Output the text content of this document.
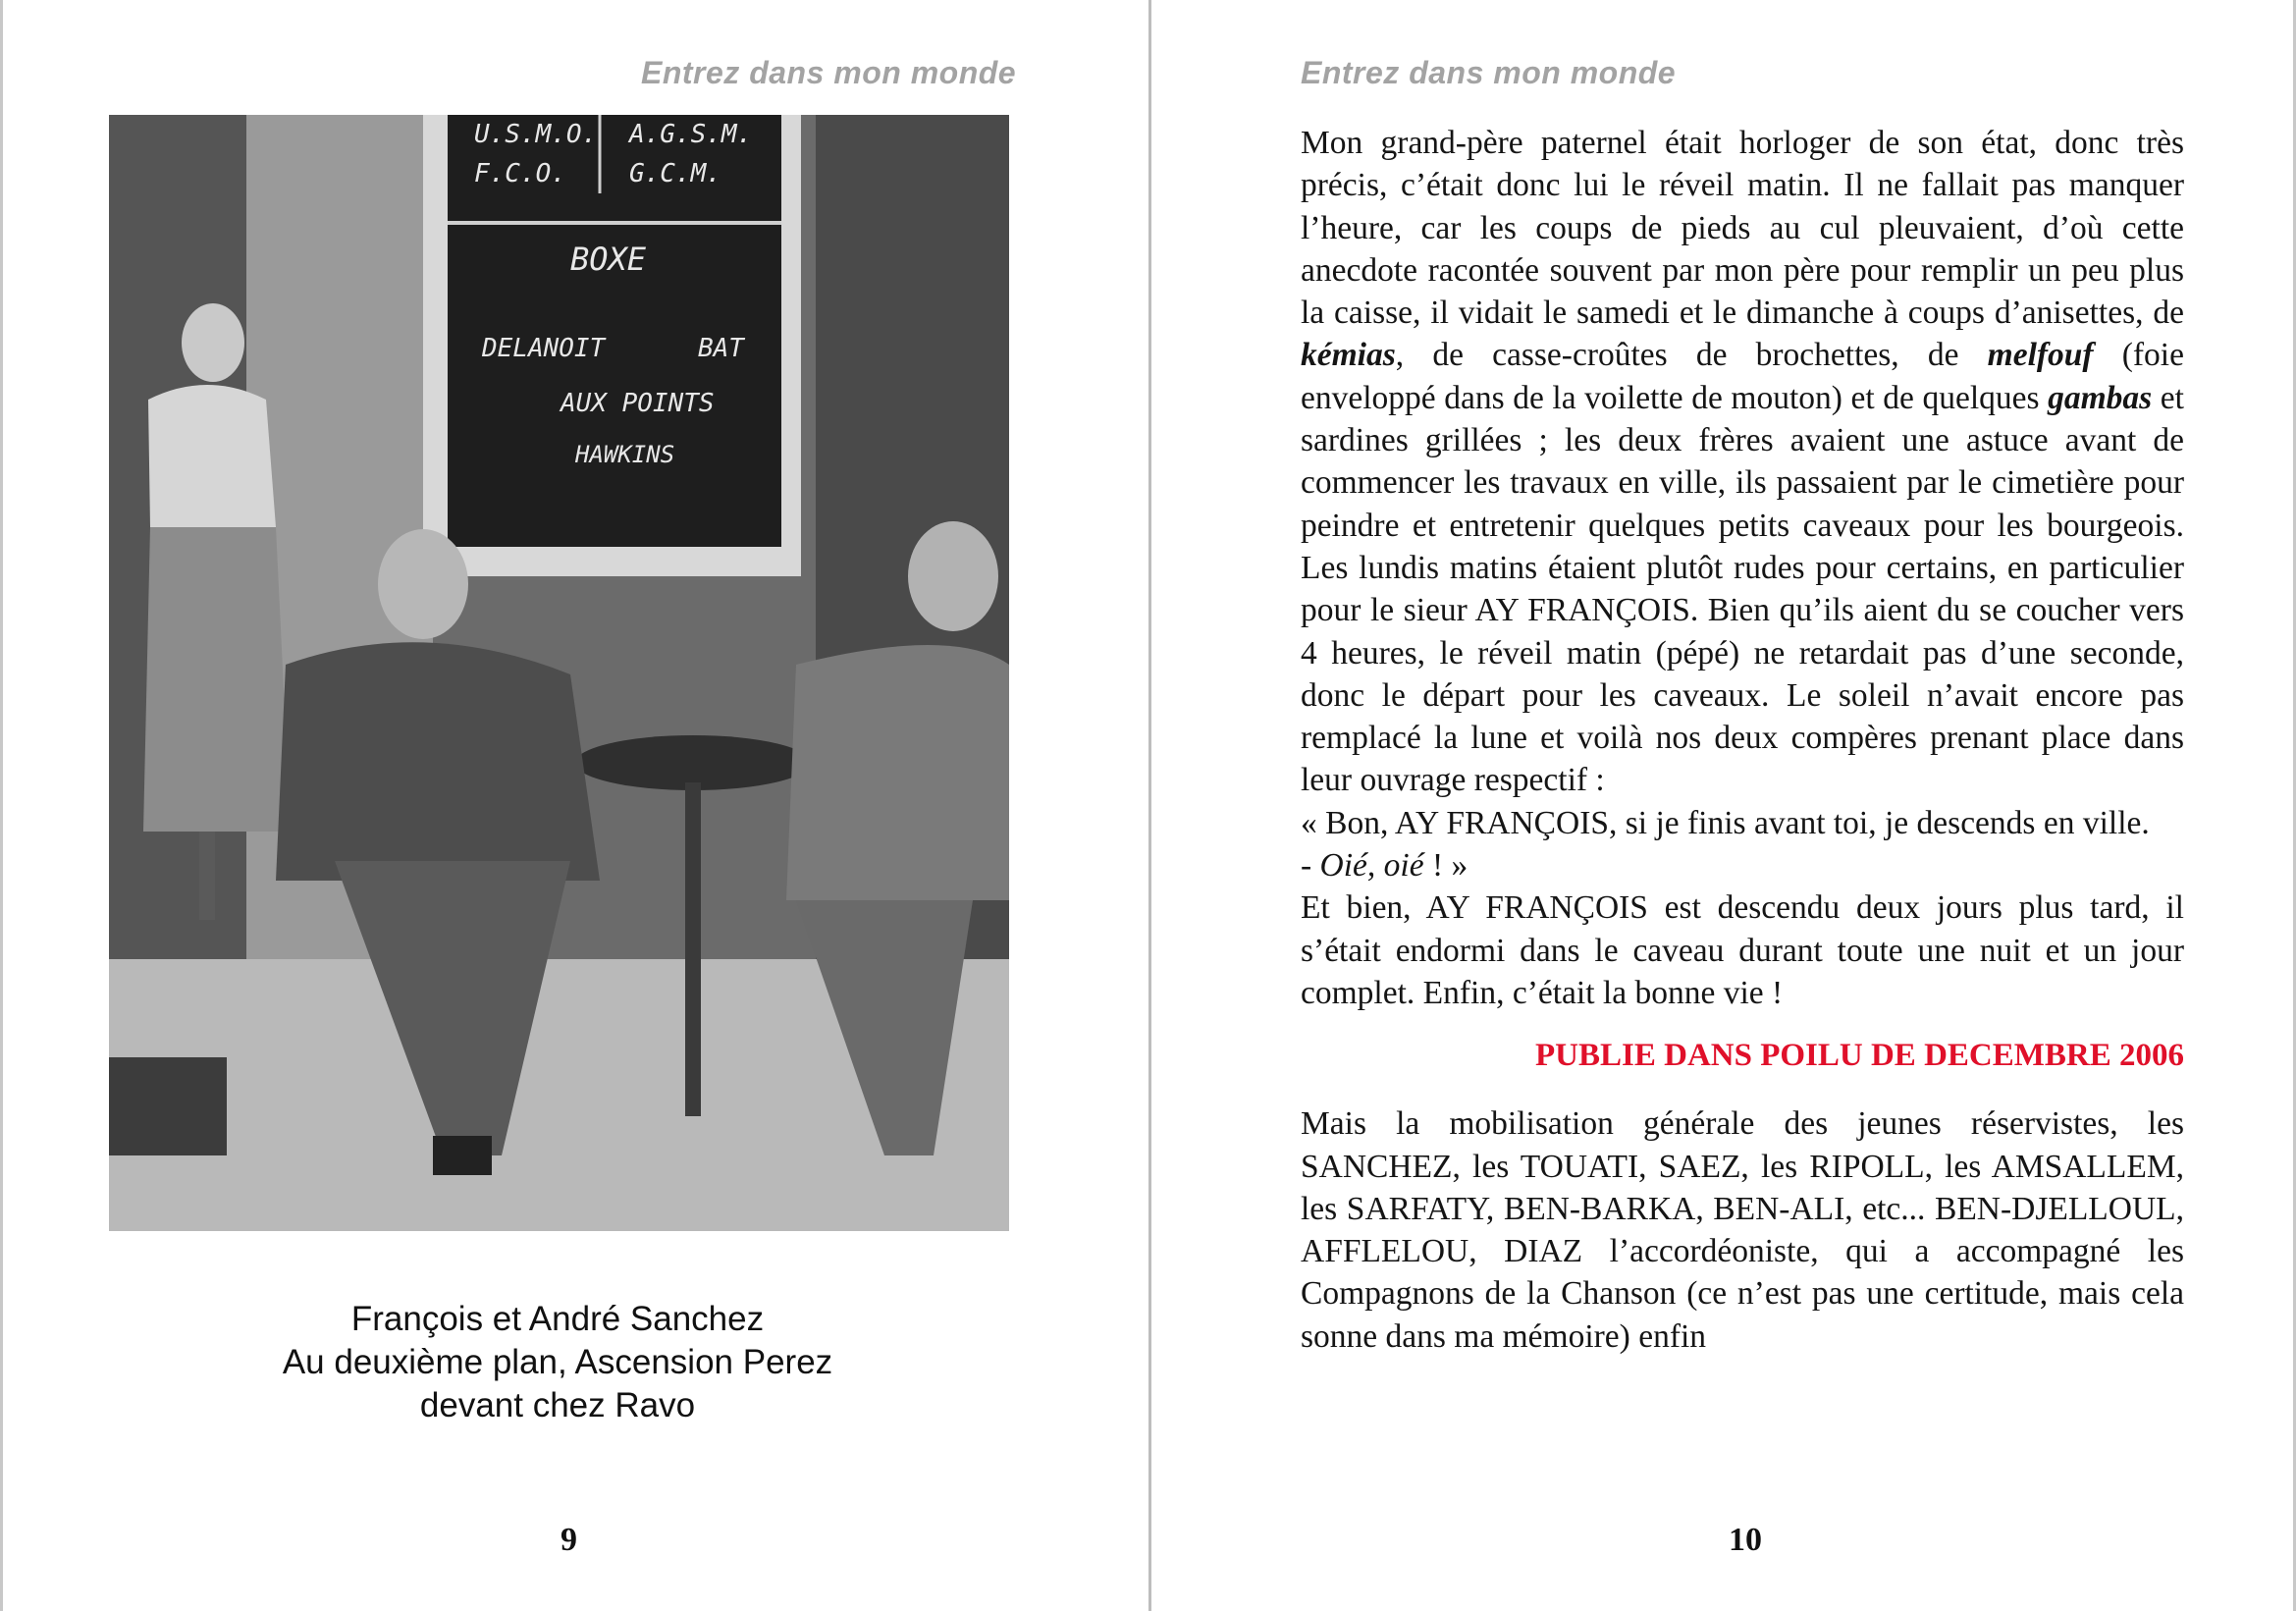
Entrez dans mon monde
U.S.M.O. A.G.S.M.
F.C.O. G.C.M.
BOXE
DELANOIT	BAT
AUX POINTS
HAWKINS
François et André Sanchez
Au deuxième plan, Ascension Perez
devant chez Ravo
9
Entrez dans mon monde

Mon grand-père paternel était horloger de son état, donc très précis, c’était donc lui le réveil matin. Il ne fallait pas manquer l’heure, car les coups de pieds au cul pleuvaient, d’où cette anecdote racontée souvent par mon père pour remplir un peu plus la caisse, il vidait le samedi et le dimanche à coups d’anisettes, de kémias, de casse-croûtes de brochettes, de melfouf (foie enveloppé dans de la voilette de mouton) et de quelques gambas et sardines grillées ; les deux frères avaient une astuce avant de commencer les travaux en ville, ils passaient par le cimetière pour peindre et entretenir quelques petits caveaux pour les bourgeois. Les lundis matins étaient plutôt rudes pour certains, en particulier pour le sieur AY FRANÇOIS. Bien qu’ils aient du se coucher vers 4 heures, le réveil matin (pépé) ne retardait pas d’une seconde, donc le départ pour les caveaux. Le soleil n’avait encore pas remplacé la lune et voilà nos deux compères prenant place dans leur ouvrage respectif :

« Bon, AY FRANÇOIS, si je finis avant toi, je descends en ville.

- Oié, oié ! »

Et bien, AY FRANÇOIS est descendu deux jours plus tard, il s’était endormi dans le caveau durant toute une nuit et un jour complet. Enfin, c’était la bonne vie !

PUBLIE DANS POILU DE DECEMBRE 2006

Mais la mobilisation générale des jeunes réservistes, les SANCHEZ, les TOUATI, SAEZ, les RIPOLL, les AMSALLEM, les SARFATY, BEN-BARKA, BEN-ALI, etc... BEN-DJELLOUL, AFFLELOU, DIAZ l’accordéoniste, qui a accompagné les Compagnons de la Chanson (ce n’est pas une certitude, mais cela sonne dans ma mémoire) enfin

10
